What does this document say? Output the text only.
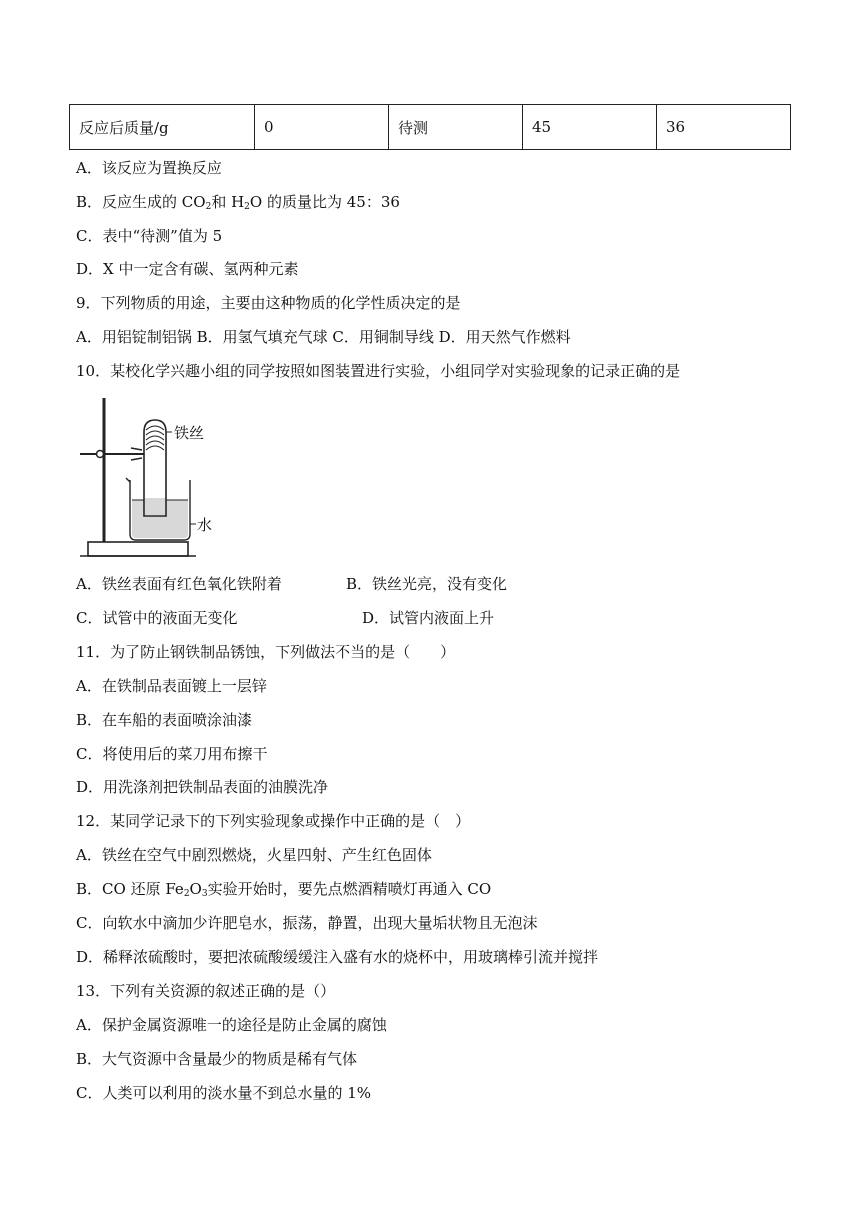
反应后质量/g	0	待测	45	36
A．该反应为置换反应
B．反应生成的 $CO_2$和 $H_2O$ 的质量比为 45：36
C．表中“待测”值为 5
D．X 中一定含有碳、氢两种元素
9．下列物质的用途，主要由这种物质的化学性质决定的是
A．用铝锭制铝锅 B．用氢气填充气球 C．用铜制导线 D．用天然气作燃料
10．某校化学兴趣小组的同学按照如图装置进行实验，小组同学对实验现象的记录正确的是
铁丝
水
A．铁丝表面有红色氧化铁附着	B．铁丝光亮，没有变化
C．试管中的液面无变化	D．试管内液面上升
11．为了防止钢铁制品锈蚀，下列做法不当的是（　　）
A．在铁制品表面镀上一层锌
B．在车船的表面喷涂油漆
C．将使用后的菜刀用布擦干
D．用洗涤剂把铁制品表面的油膜洗净
12．某同学记录下的下列实验现象或操作中正确的是（　）
A．铁丝在空气中剧烈燃烧，火星四射、产生红色固体
B．CO 还原 $Fe_2O_3$实验开始时，要先点燃酒精喷灯再通入 CO
C．向软水中滴加少许肥皂水，振荡，静置，出现大量垢状物且无泡沫
D．稀释浓硫酸时，要把浓硫酸缓缓注入盛有水的烧杯中，用玻璃棒引流并搅拌
13．下列有关资源的叙述正确的是（）
A．保护金属资源唯一的途径是防止金属的腐蚀
B．大气资源中含量最少的物质是稀有气体
C．人类可以利用的淡水量不到总水量的 1%
